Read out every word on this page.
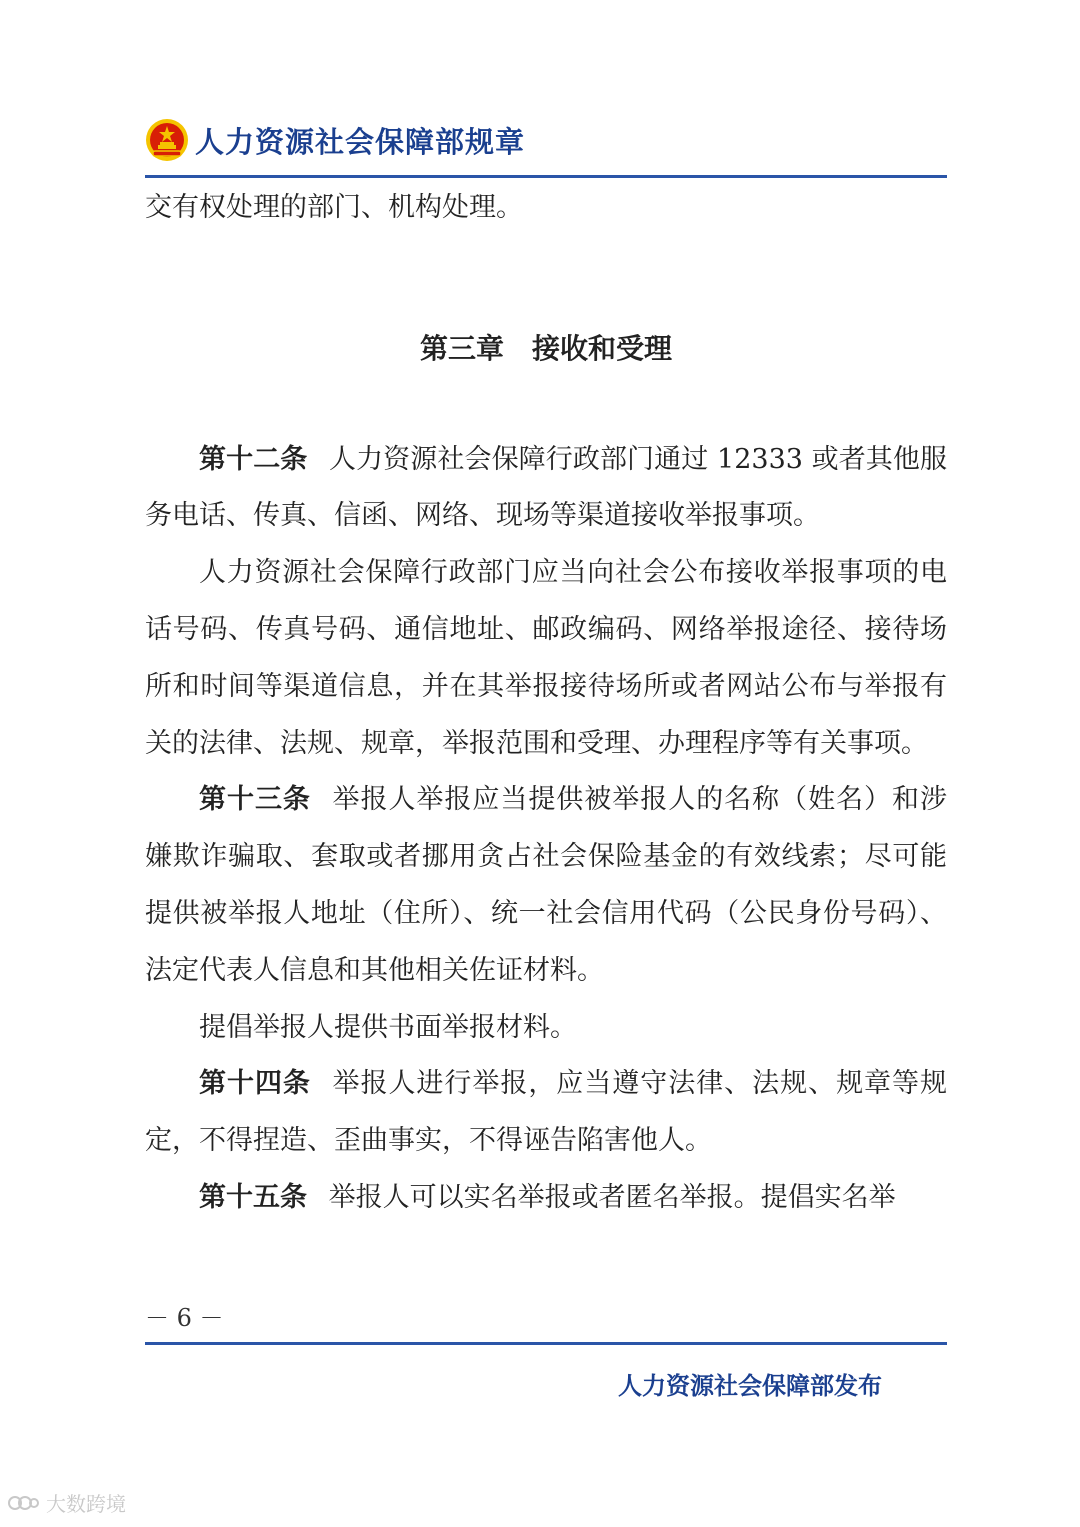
人力资源社会保障部规章

交有权处理的部门、机构处理。

第三章　接收和受理

第十二条 人力资源社会保障行政部门通过 12333 或者其他服务电话、传真、信函、网络、现场等渠道接收举报事项。

人力资源社会保障行政部门应当向社会公布接收举报事项的电话号码、传真号码、通信地址、邮政编码、网络举报途径、接待场所和时间等渠道信息，并在其举报接待场所或者网站公布与举报有关的法律、法规、规章，举报范围和受理、办理程序等有关事项。

第十三条 举报人举报应当提供被举报人的名称（姓名）和涉嫌欺诈骗取、套取或者挪用贪占社会保险基金的有效线索；尽可能提供被举报人地址（住所）、统一社会信用代码（公民身份号码）、法定代表人信息和其他相关佐证材料。

提倡举报人提供书面举报材料。

第十四条 举报人进行举报，应当遵守法律、法规、规章等规定，不得捏造、歪曲事实，不得诬告陷害他人。

第十五条 举报人可以实名举报或者匿名举报。提倡实名举

－ 6 －
人力资源社会保障部发布
大数跨境
